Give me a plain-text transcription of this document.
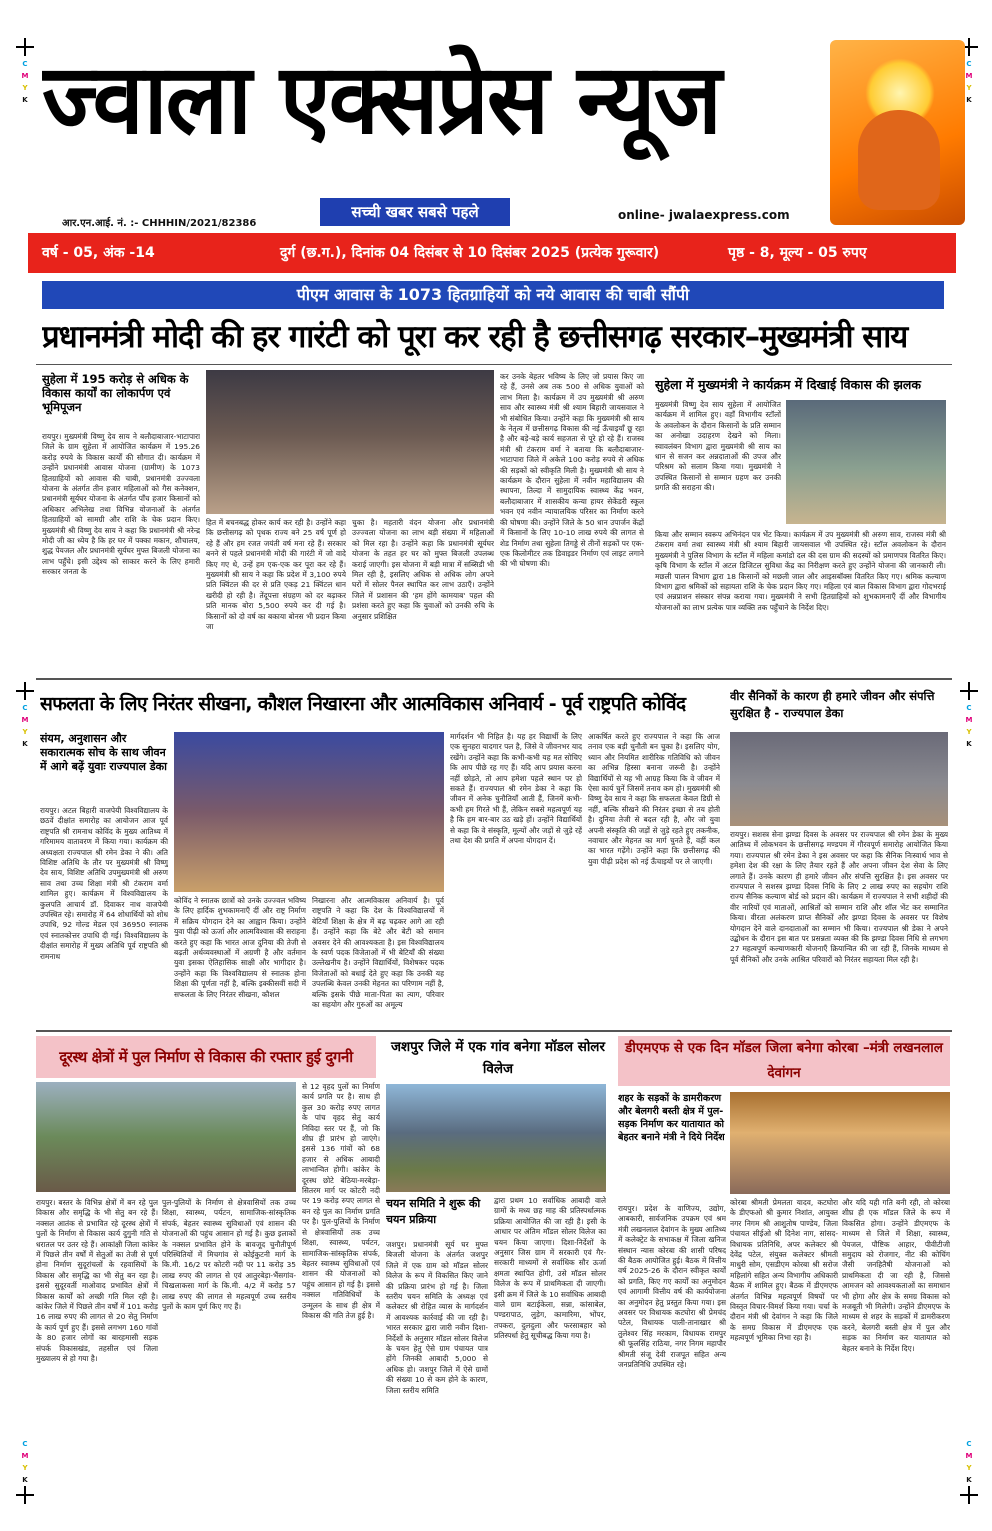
C
M
Y
K
C
M
Y
K
C
M
Y
K
C
M
Y
K
C
M
Y
K
C
M
Y
K
ज्वाला एक्सप्रेस न्यूज
आर.एन.आई. नं. :- CHHHIN/2021/82386
सच्ची खबर सबसे पहले	online- jwalaexpress.com
वर्ष - 05, अंक -14	दुर्ग (छ.ग.), दिनांक 04 दिसंबर से 10 दिसंबर 2025 (प्रत्येक गुरूवार)	पृष्ठ - 8, मूल्य - 05 रुपए
पीएम आवास के 1073 हितग्राहियों को नये आवास की चाबी सौंपी
प्रधानमंत्री मोदी की हर गारंटी को पूरा कर रही है छत्तीसगढ़ सरकार–मुख्यमंत्री साय
सुहेला में 195 करोड़ से अधिक के विकास कार्यों का लोकार्पण एवं भूमिपूजन
रायपुर। मुख्यमंत्री विष्णु देव साय ने बलौदाबाजार-भाटापारा जिले के ग्राम सुहेला में आयोजित कार्यक्रम में 195.26 करोड़ रुपये के विकास कार्यों की सौगात दी। कार्यक्रम में उन्होंने प्रधानमंत्री आवास योजना (ग्रामीण) के 1073 हितग्राहियों को आवास की चाबी, प्रधानमंत्री उज्ज्वला योजना के अंतर्गत तीन हजार महिलाओं को गैस कनेक्शन, प्रधानमंत्री सूर्यघर योजना के अंतर्गत पाँच हजार किसानों को अधिकार अभिलेख तथा विभिन्न योजनाओं के अंतर्गत हितग्राहियों को सामग्री और राशि के चेक प्रदान किए। मुख्यमंत्री श्री विष्णु देव साय ने कहा कि प्रधानमंत्री श्री नरेन्द्र मोदी जी का ध्येय है कि हर घर में पक्का मकान, शौचालय, शुद्ध पेयजल और प्रधानमंत्री सूर्यघर मुफ्त बिजली योजना का लाभ पहुँचे। इसी उद्देश्य को साकार करने के लिए हमारी सरकार जनता के
हित में बचनबद्ध होकर कार्य कर रही है। उन्होंने कहा कि छत्तीसगढ़ को पृथक राज्य बने 25 वर्ष पूर्ण हो रहे हैं और हम रजत जयंती वर्ष मना रहे हैं। सरकार बनने से पहले प्रधानमंत्री मोदी की गारंटी में जो वादे किए गए थे, उन्हें हम एक-एक कर पूरा कर रहे हैं। मुख्यमंत्री श्री साय ने कहा कि प्रदेश में 3,100 रुपये प्रति क्विंटल की दर से प्रति एकड़ 21 क्विंटल धान खरीदी हो रही है। तेंदूपत्ता संग्रहण को दर बढ़ाकर प्रति मानक बोरा 5,500 रुपये कर दी गई है। किसानों को दो वर्ष का बकाया बोनस भी प्रदान किया जा
चुका है। महतारी वंदन योजना और प्रधानमंत्री उज्ज्वला योजना का लाभ बड़ी संख्या में महिलाओं को मिल रहा है। उन्होंने कहा कि प्रधानमंत्री सूर्यघर योजना के तहत हर घर को मुफ्त बिजली उपलब्ध कराई जाएगी। इस योजना में बड़ी मात्रा में सब्सिडी भी मिल रही है, इसलिए अधिक से अधिक लोग अपने घरों में सोलर पैनल स्थापित कर लाभ उठाएँ। उन्होंने जिले में प्रशासन की 'हम होंगे कामयाब' पहल की प्रशंसा करते हुए कहा कि युवाओं को उनकी रुचि के अनुसार प्रशिक्षित
कर उनके बेहतर भविष्य के लिए जो प्रयास किए जा रहे हैं, उनसे अब तक 500 से अधिक युवाओं को लाभ मिला है। कार्यक्रम में उप मुख्यमंत्री श्री अरुण साव और स्वास्थ्य मंत्री श्री श्याम बिहारी जायसवाल ने भी संबोधित किया। उन्होंने कहा कि मुख्यमंत्री श्री साय के नेतृत्व में छत्तीसगढ़ विकास की नई ऊँचाइयाँ छू रहा है और बड़े-बड़े कार्य सहजता से पूरे हो रहे हैं। राजस्व मंत्री श्री टंकराम वर्मा ने बताया कि बलौदाबाजार-भाटापारा जिले में अकेले 100 करोड़ रुपये से अधिक की सड़कों को स्वीकृति मिली है। मुख्यमंत्री श्री साय ने कार्यक्रम के दौरान सुहेला में नवीन महाविद्यालय की स्थापना, तिल्दा में सामुदायिक स्वास्थ्य केंद्र भवन, बलौदाबाजार में शासकीय कन्या हायर सेकेंडरी स्कूल भवन एवं नवीन न्यायालयिक परिसर का निर्माण करने की घोषणा की। उन्होंने जिले के 50 धान उपार्जन केंद्रों में किसानों के लिए 10-10 लाख रुपये की लागत से शेड निर्माण तथा सुहेला तिगड्डे से तीनों सड़कों पर एक-एक किलोमीटर तक डिवाइडर निर्माण एवं लाइट लगाने की भी घोषणा की।
सुहेला में मुख्यमंत्री ने कार्यक्रम में दिखाई विकास की झलक
मुख्यमंत्री विष्णु देव साय सुहेला में आयोजित कार्यक्रम में शामिल हुए। वहाँ विभागीय स्टॉलों के अवलोकन के दौरान किसानों के प्रति सम्मान का अनोखा उदाहरण देखने को मिला। स्वावलंबन विभाग द्वारा मुख्यमंत्री श्री साय का धान से सजन कर अन्नदाताओं की उपज और परिश्रम को सलाम किया गया। मुख्यमंत्री ने उपस्थित किसानों से सम्मान ग्रहण कर उनकी प्रगति की सराहना की।
किया और सम्मान स्वरूप अभिनंदन पत्र भेंट किया। कार्यक्रम में उप मुख्यमंत्री श्री अरुण साव, राजस्व मंत्री श्री टंकराम वर्मा तथा स्वास्थ्य मंत्री श्री श्याम बिहारी जायसवाल भी उपस्थित रहे। स्टॉल अवलोकन के दौरान मुख्यमंत्री ने पुलिस विभाग के स्टॉल में महिला कमांडो दल की दस ग्राम की सदस्यों को प्रमाणपत्र वितरित किए। कृषि विभाग के स्टॉल में अटल डिजिटल सुविधा केंद्र का निरीक्षण करते हुए उन्होंने योजना की जानकारी ली। मछली पालन विभाग द्वारा 18 किसानों को मछली जाल और आइसबॉक्स वितरित किए गए। श्रमिक कल्याण विभाग द्वारा श्रमिकों को सहायता राशि के चेक प्रदान किए गए। महिला एवं बाल विकास विभाग द्वारा गोदभराई एवं अन्नप्राशन संस्कार संपन्न कराया गया। मुख्यमंत्री ने सभी हितग्राहियों को शुभकामनाएँ दीं और विभागीय योजनाओं का लाभ प्रत्येक पात्र व्यक्ति तक पहुँचाने के निर्देश दिए।
सफलता के लिए निरंतर सीखना, कौशल निखारना और आत्मविकास अनिवार्य - पूर्व राष्ट्रपति कोविंद
संयम, अनुशासन और सकारात्मक सोच के साथ जीवन में आगे बढ़ें युवाः राज्यपाल डेका
रायपुर। अटल बिहारी वाजपेयी विश्वविद्यालय के छठवें दीक्षांत समारोह का आयोजन आज पूर्व राष्ट्रपति श्री रामनाथ कोविंद के मुख्य आतिथ्य में गरिमामय वातावरण में किया गया। कार्यक्रम की अध्यक्षता राज्यपाल श्री रमेन डेका ने की। अति विशिष्ट अतिथि के तौर पर मुख्यमंत्री श्री विष्णु देव साय, विशिष्ट अतिथि उपमुख्यमंत्री श्री अरुण साव तथा उच्च शिक्षा मंत्री श्री टंकराम वर्मा शामिल हुए। कार्यक्रम में विश्वविद्यालय के कुलपति आचार्य डॉ. दिवाकर नाथ वाजपेयी उपस्थित रहे। समारोह में 64 शोधार्थियों को शोध उपाधि, 92 गोल्ड मेडल एवं 36950 स्नातक एवं स्नातकोत्तर उपाधि दी गई। विश्वविद्यालय के दीक्षांत समारोह में मुख्य अतिथि पूर्व राष्ट्रपति श्री रामनाथ
कोविंद ने स्नातक छात्रों को उनके उज्ज्वल भविष्य के लिए हार्दिक शुभकामनाएँ दीं और राष्ट्र निर्माण में सक्रिय योगदान देने का आह्वान किया। उन्होंने युवा पीढ़ी को ऊर्जा और आत्मविश्वास की सराहना करते हुए कहा कि भारत आज दुनिया की तेजी से बढ़ती अर्थव्यवस्थाओं में अग्रणी है और वर्तमान युवा इसका ऐतिहासिक साक्षी और भागीदार है। उन्होंने कहा कि विश्वविद्यालय से स्नातक होना शिक्षा की पूर्णता नहीं है, बल्कि इक्कीसवीं सदी में सफलता के लिए निरंतर सीखना, कौशल
निखारना और आत्मविकास अनिवार्य है। पूर्व राष्ट्रपति ने कहा कि देश के विश्वविद्यालयों में बेटियाँ शिक्षा के क्षेत्र में बढ़ चढ़कर आगे आ रही हैं। उन्होंने कहा कि बेटे और बेटी को समान अवसर देने की आवश्यकता है। इस विश्वविद्यालय के स्वर्ण पदक विजेताओं में भी बेटियाँ की संख्या उल्लेखनीय है। उन्होंने विद्यार्थियों, विशेषकर पदक विजेताओं को बधाई देते हुए कहा कि उनकी यह उपलब्धि केवल उनकी मेहनत का परिणाम नहीं है, बल्कि इसके पीछे माता-पिता का त्याग, परिवार का सहयोग और गुरुओं का अमूल्य
मार्गदर्शन भी निहित है। यह हर विद्यार्थी के लिए एक सुनहरा यादगार पल है, जिसे वे जीवनभर याद रखेंगे। उन्होंने कहा कि कभी-कभी यह मत सोचिए कि आप पीछे रह गए हैं। यदि आप प्रयास करना नहीं छोड़ते, तो आप हमेशा पहले स्थान पर हो सकते हैं। राज्यपाल श्री रमेन डेका ने कहा कि जीवन में अनेक चुनौतियाँ आती हैं, जिनमें कभी-कभी हम गिरते भी हैं, लेकिन सबसे महत्वपूर्ण यह है कि हम बार-बार उठ खड़े हों। उन्होंने विद्यार्थियों से कहा कि वे संस्कृति, मूल्यों और जड़ों से जुड़े रहें तथा देश की प्रगति में अपना योगदान दें।
आकर्षित करते हुए राज्यपाल ने कहा कि आज तनाव एक बड़ी चुनौती बन चुका है। इसलिए योग, ध्यान और नियमित शारीरिक गतिविधि को जीवन का अभिन्न हिस्सा बनाना जरूरी है। उन्होंने विद्यार्थियों से यह भी आग्रह किया कि वे जीवन में ऐसा कार्य चुनें जिसमें तनाव कम हो। मुख्यमंत्री श्री विष्णु देव साय ने कहा कि सफलता केवल डिग्री से नहीं, बल्कि सीखने की निरंतर इच्छा से तय होती है। दुनिया तेजी से बदल रही है, और जो युवा अपनी संस्कृति की जड़ों से जुड़े रहते हुए तकनीक, नवाचार और मेहनत का मार्ग चुनते हैं, वहीं कल का भारत गढ़ेंगे। उन्होंने कहा कि छत्तीसगढ़ की युवा पीढ़ी प्रदेश को नई ऊँचाइयों पर ले जाएगी।
वीर सैनिकों के कारण ही हमारे जीवन और संपत्ति सुरक्षित है - राज्यपाल डेका
रायपुर। सशस्त्र सेना झण्डा दिवस के अवसर पर राज्यपाल श्री रमेन डेका के मुख्य आतिथ्य में लोकभवन के छत्तीसगढ़ मण्डपम में गौरवपूर्ण समारोह आयोजित किया गया। राज्यपाल श्री रमेन डेका ने इस अवसर पर कहा कि सैनिक निःस्वार्थ भाव से हमेशा देश की रक्षा के लिए तैयार रहते हैं और अपना जीवन देश सेवा के लिए लगाते हैं। उनके कारण ही हमारे जीवन और संपत्ति सुरक्षित है। इस अवसर पर राज्यपाल ने सशस्त्र झण्डा दिवस निधि के लिए 2 लाख रुपए का सहयोग राशि राज्य सैनिक कल्याण बोर्ड को प्रदान की। कार्यक्रम में राज्यपाल ने सभी शहीदों की वीर नारियों एवं माताओं, आश्रितों को सम्मान राशि और शॉल भेंट कर सम्मानित किया। वीरता अलंकरण प्राप्त सैनिकों और झण्डा दिवस के अवसर पर विशेष योगदान देने वाले दानदाताओं का सम्मान भी किया। राज्यपाल श्री डेका ने अपने उद्बोधन के दौरान इस बात पर प्रसन्नता व्यक्त की कि झण्डा दिवस निधि से लगभग 27 महत्वपूर्ण कल्याणकारी योजनाएँ क्रियान्वित की जा रही हैं, जिनके माध्यम से पूर्व सैनिकों और उनके आश्रित परिवारों को निरंतर सहायता मिल रही है।
दूरस्थ क्षेत्रों में पुल निर्माण से विकास की रफ्तार हुई दुगनी
रायपुर। बस्तर के विभिन्न क्षेत्रों में बन रहे पुल विकास और समृद्धि के भी सेतु बन रहे हैं। नक्सल आतंक से प्रभावित रहे दूरस्थ क्षेत्रों में पुलों के निर्माण से विकास कार्य दुगुनी गति से धरातल पर उतर रहे हैं। आकांक्षी जिला कांकेर में पिछले तीन वर्षों में सेतुओं का तेजी से पूर्ण होना निर्माण सुदूरांचलों के रहवासियों के विकास और समृद्धि का भी सेतु बन रहा है। इससे सुदूरवर्ती माओवाद प्रभावित क्षेत्रों में विकास कार्यों को अच्छी गति मिल रही है। कांकेर जिले में पिछले तीन वर्षों में 101 करोड़ 16 लाख रुपए की लागत से 20 सेतु निर्माण के कार्य पूर्ण हुए हैं। इससे लगभग 160 गांवों के 80 हजार लोगों का बारहमासी सड़क संपर्क विकासखंड, तहसील एवं जिला मुख्यालय से हो गया है।
पुल-पुलियों के निर्माण से क्षेत्रवासियों तक उच्च शिक्षा, स्वास्थ्य, पर्यटन, सामाजिक-सांस्कृतिक संपर्क, बेहतर स्वास्थ्य सुविधाओं एवं शासन की योजनाओं की पहुंच आसान हो गई है। कुछ इलाकों के नक्सल प्रभावित होने के बावजूद चुनौतीपूर्ण परिस्थितियों में मिचगांव से कोईकुटनी मार्ग के कि.मी. 16/2 पर कोटरी नदी पर 11 करोड़ 35 लाख रुपए की लागत से एवं आतुरबेड़ा-भैंसगांव-चिखलाकसा मार्ग के कि.मी. 4/2 में करोड़ 57 लाख रुपए की लागत से महत्वपूर्ण उच्च स्तरीय पुलों के काम पूर्ण किए गए हैं।
से 12 वृहद पुलों का निर्माण कार्य प्रगति पर है। साथ ही कुल 30 करोड़ रुपए लागत के पांच वृहद सेतु कार्य निविदा स्तर पर हैं, जो कि शीघ्र ही प्रारंभ हो जाएंगे। इससे 136 गांवों को 68 हजार से अधिक आबादी लाभान्वित होगी। कांकेर के दूरस्थ छोटे बेठिया-मरबेड़ा-सितरम मार्ग पर कोटरी नदी पर 19 करोड़ रुपए लागत से बन रहे पुल का निर्माण प्रगति पर है। पुल-पुलियों के निर्माण से क्षेत्रवासियों तक उच्च शिक्षा, स्वास्थ्य, पर्यटन, सामाजिक-सांस्कृतिक संपर्क, बेहतर स्वास्थ्य सुविधाओं एवं शासन की योजनाओं को पहुंच आसान हो गई है। इससे नक्सल गतिविधियों के उन्मूलन के साथ ही क्षेत्र में विकास की गति तेज हुई है।
जशपुर जिले में एक गांव बनेगा मॉडल सोलर विलेज
चयन समिति ने शुरू की चयन प्रक्रिया
जशपुर। प्रधानमंत्री सूर्य घर मुफ्त बिजली योजना के अंतर्गत जशपुर जिले में एक ग्राम को मॉडल सोलर विलेज के रूप में विकसित किए जाने की प्रक्रिया प्रारंभ हो गई है। जिला स्तरीय चयन समिति के अध्यक्ष एवं कलेक्टर श्री रोहित व्यास के मार्गदर्शन में आवश्यक कार्रवाई की जा रही है। भारत सरकार द्वारा जारी नवीन दिशा-निर्देशों के अनुसार मॉडल सोलर विलेज के चयन हेतु ऐसे ग्राम पंचायत पात्र होंगे जिनकी आबादी 5,000 से अधिक हो। जशपुर जिले में ऐसे ग्रामों की संख्या 10 से कम होने के कारण, जिला स्तरीय समिति
द्वारा प्रथम 10 सर्वाधिक आबादी वाले ग्रामों के मध्य छह माह की प्रतिस्पर्धात्मक प्रक्रिया आयोजित की जा रही है। इसी के आधार पर अंतिम मॉडल सोलर विलेज का चयन किया जाएगा। दिशा-निर्देशों के अनुसार जिस ग्राम में सरकारी एवं गैर-सरकारी माध्यमों से सर्वाधिक सौर ऊर्जा क्षमता स्थापित होगी, उसे मॉडल सोलर विलेज के रूप में प्राथमिकता दी जाएगी। इसी क्रम में जिले के 10 सर्वाधिक आबादी वाले ग्राम बटाईकेला, सन्ना, कांसाबेल, पण्डरापाठ, लुड़ेग, कामारिमा, भोंपर, तपकरा, दुलदुला और फरसाबहार को प्रतिस्पर्धा हेतु सूचीबद्ध किया गया है।
डीएमएफ से एक दिन मॉडल जिला बनेगा कोरबा –मंत्री लखनलाल देवांगन
शहर के सड़कों के डामरीकरण और बेलगरी बस्ती क्षेत्र में पुल-सड़क निर्माण कर यातायात को बेहतर बनाने मंत्री ने दिये निर्देश
रायपुर। प्रदेश के वाणिज्य, उद्योग, आबकारी, सार्वजनिक उपक्रम एवं श्रम मंत्री लखनलाल देवांगन के मुख्य आतिथ्य में कलेक्ट्रेट के सभाकक्ष में जिला खनिज संस्थान न्यास कोरबा की शासी परिषद की बैठक आयोजित हुई। बैठक में वित्तीय वर्ष 2025-26 के दौरान स्वीकृत कार्यों को प्रगति, किए गए कार्यों का अनुमोदन एवं आगामी वित्तीय वर्ष की कार्ययोजना का अनुमोदन हेतु प्रस्तुत किया गया। इस अवसर पर विधायक कटघोरा श्री प्रेमचंद पटेल, विधायक पाली-तानाखार श्री तुलेश्वर सिंह मरकाम, विधायक रामपुर श्री फूलसिंह राठिया, नगर निगम महापौर श्रीमती संजू देवी राजपूत सहित अन्य जनप्रतिनिधि उपस्थित रहे।
कोरबा श्रीमती प्रेमलता यादव, कटघोरा के डीएफओ श्री कुमार निशांत, आयुक्त नगर निगम श्री आशुतोष पाण्डेय, जिला पंचायत सीईओ श्री दिनेश नाग, सांसद-विधायक प्रतिनिधि, अपर कलेक्टर श्री देवेंद्र पटेल, संयुक्त कलेक्टर श्रीमती माधुरी सोम, एसडीएम कोरबा श्री सरोज महिलांगे सहित अन्य विभागीय अधिकारी बैठक में शामिल हुए। बैठक में डीएमएफ अंतर्गत विभिन्न महत्वपूर्ण विषयों पर विस्तृत विचार-विमर्श किया गया। चर्चा के दौरान मंत्री श्री देवांगन ने कहा कि जिले के समग्र विकास में डीएमएफ एक महत्वपूर्ण भूमिका निभा रहा है।
और यदि यही गति बनी रही, तो कोरबा शीघ्र ही एक मॉडल जिले के रूप में विकसित होगा। उन्होंने डीएमएफ के माध्यम से जिले में शिक्षा, स्वास्थ्य, पेयजल, पौष्टिक आहार, पीवीटीजी समुदाय को रोजगार, नीट की कोचिंग जैसी जनहितैषी योजनाओं को प्राथमिकता दी जा रही है, जिससे आमजन को आवश्यकताओं का समाधान भी होगा और क्षेत्र के समग्र विकास को मजबूती भी मिलेगी। उन्होंने डीएमएफ के माध्यम से शहर के सड़कों में डामरीकरण करने, बेलगरी बस्ती क्षेत्र में पुल और सड़क का निर्माण कर यातायात को बेहतर बनाने के निर्देश दिए।
